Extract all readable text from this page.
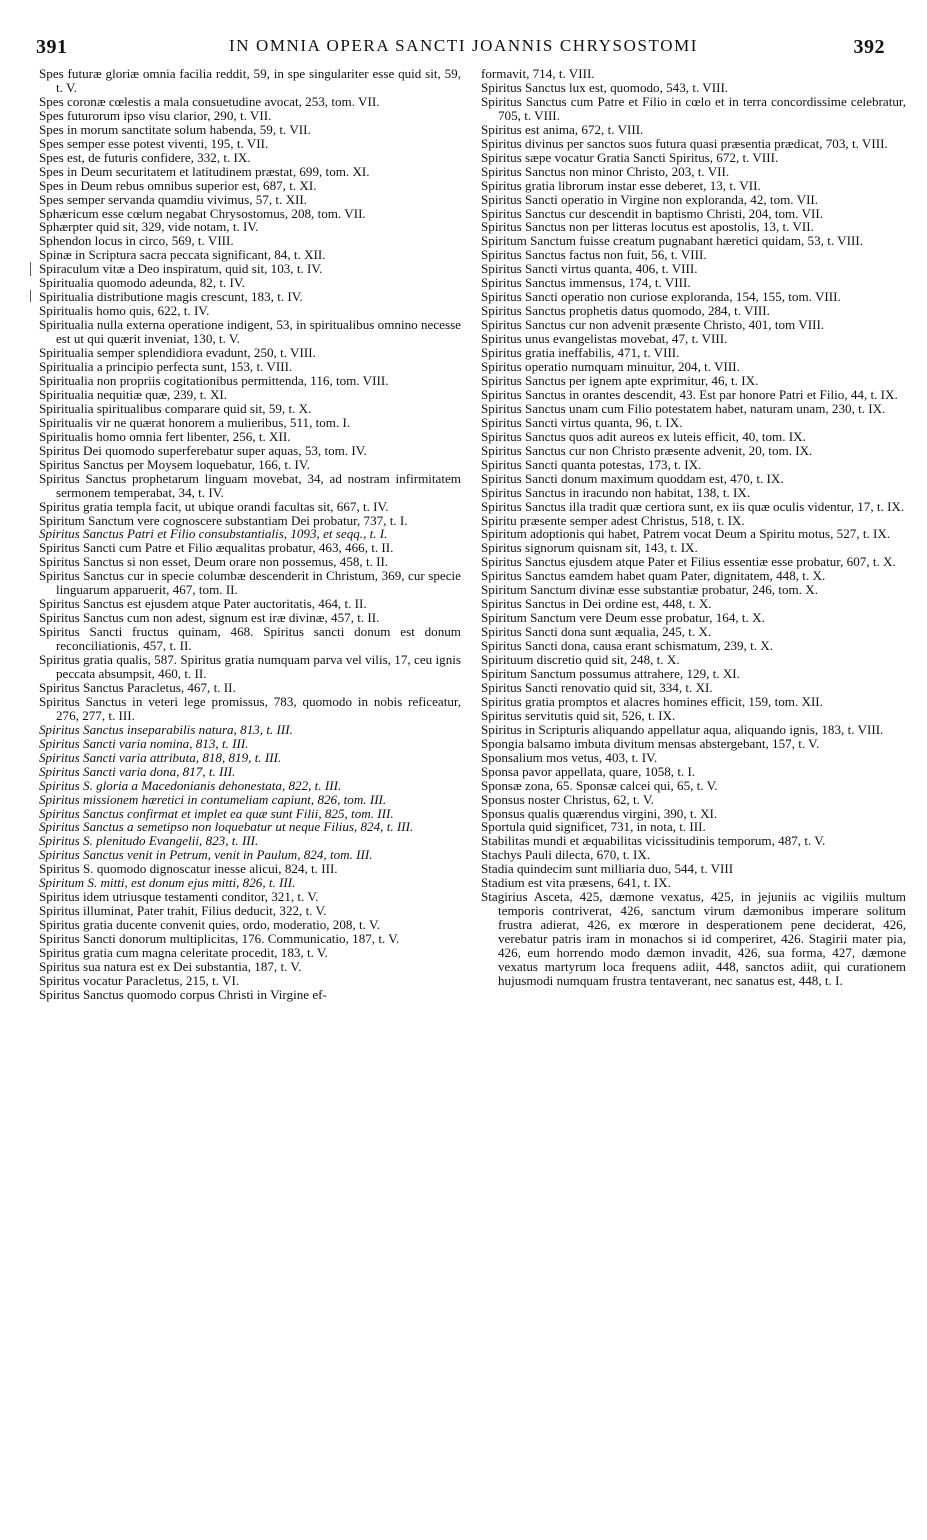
391	IN OMNIA OPERA SANCTI JOANNIS CHRYSOSTOMI	392

Spes futuræ gloriæ omnia facilia reddit, 59, in spe singulariter esse quid sit, 59, t. V.

Spes coronæ cœlestis a mala consuetudine avocat, 253, tom. VII.

Spes futurorum ipso visu clarior, 290, t. VII.

Spes in morum sanctitate solum habenda, 59, t. VII.

Spes semper esse potest viventi, 195, t. VII.

Spes est, de futuris confidere, 332, t. IX.

Spes in Deum securitatem et latitudinem præstat, 699, tom. XI.

Spes in Deum rebus omnibus superior est, 687, t. XI.

Spes semper servanda quamdiu vivimus, 57, t. XII.

Sphæricum esse cœlum negabat Chrysostomus, 208, tom. VII.

Sphærpter quid sit, 329, vide notam, t. IV.

Sphendon locus in circo, 569, t. VIII.

Spinæ in Scriptura sacra peccata significant, 84, t. XII.

Spiraculum vitæ a Deo inspiratum, quid sit, 103, t. IV.

Spiritualia quomodo adeunda, 82, t. IV.

Spiritualia distributione magis crescunt, 183, t. IV.

Spiritualis homo quis, 622, t. IV.

Spiritualia nulla externa operatione indigent, 53, in spiritualibus omnino necesse est ut qui quærit inveniat, 130, t. V.

Spiritualia semper splendidiora evadunt, 250, t. VIII.

Spiritualia a principio perfecta sunt, 153, t. VIII.

Spiritualia non propriis cogitationibus permittenda, 116, tom. VIII.

Spiritualia nequitiæ quæ, 239, t. XI.

Spiritualia spiritualibus comparare quid sit, 59, t. X.

Spiritualis vir ne quærat honorem a mulieribus, 511, tom. I.

Spiritualis homo omnia fert libenter, 256, t. XII.

Spiritus Dei quomodo superferebatur super aquas, 53, tom. IV.

Spiritus Sanctus per Moysem loquebatur, 166, t. IV.

Spiritus Sanctus prophetarum linguam movebat, 34, ad nostram infirmitatem sermonem temperabat, 34, t. IV.

Spiritus gratia templa facit, ut ubique orandi facultas sit, 667, t. IV.

Spiritum Sanctum vere cognoscere substantiam Dei probatur, 737, t. I.

Spiritus Sanctus Patri et Filio consubstantialis, 1093, et seqq., t. I.

Spiritus Sancti cum Patre et Filio æqualitas probatur, 463, 466, t. II.

Spiritus Sanctus si non esset, Deum orare non possemus, 458, t. II.

Spiritus Sanctus cur in specie columbæ descenderit in Christum, 369, cur specie linguarum apparuerit, 467, tom. II.

Spiritus Sanctus est ejusdem atque Pater auctoritatis, 464, t. II.

Spiritus Sanctus cum non adest, signum est iræ divinæ, 457, t. II.

Spiritus Sancti fructus quinam, 468. Spiritus sancti donum est donum reconciliationis, 457, t. II.

Spiritus gratia qualis, 587. Spiritus gratia numquam parva vel vilis, 17, ceu ignis peccata absumpsit, 460, t. II.

Spiritus Sanctus Paracletus, 467, t. II.

Spiritus Sanctus in veteri lege promissus, 783, quomodo in nobis reficeatur, 276, 277, t. III.

Spiritus Sanctus inseparabilis natura, 813, t. III.

Spiritus Sancti varia nomina, 813, t. III.

Spiritus Sancti varia attributa, 818, 819, t. III.

Spiritus Sancti varia dona, 817, t. III.

Spiritus S. gloria a Macedonianis dehonestata, 822, t. III.

Spiritus missionem hæretici in contumeliam capiunt, 826, tom. III.

Spiritus Sanctus confirmat et implet ea quæ sunt Filii, 825, tom. III.

Spiritus Sanctus a semetipso non loquebatur ut neque Filius, 824, t. III.

Spiritus S. plenitudo Evangelii, 823, t. III.

Spiritus Sanctus venit in Petrum, venit in Paulum, 824, tom. III.

Spiritus S. quomodo dignoscatur inesse alicui, 824, t. III.

Spiritum S. mitti, est donum ejus mitti, 826, t. III.

Spiritus idem utriusque testamenti conditor, 321, t. V.

Spiritus illuminat, Pater trahit, Filius deducit, 322, t. V.

Spiritus gratia ducente convenit quies, ordo, moderatio, 208, t. V.

Spiritus Sancti donorum multiplicitas, 176. Communicatio, 187, t. V.

Spiritus gratia cum magna celeritate procedit, 183, t. V.

Spiritus sua natura est ex Dei substantia, 187, t. V.

Spiritus vocatur Paracletus, 215, t. VI.

Spiritus Sanctus quomodo corpus Christi in Virgine ef-

formavit, 714, t. VIII.

Spiritus Sanctus lux est, quomodo, 543, t. VIII.

Spiritus Sanctus cum Patre et Filio in cœlo et in terra concordissime celebratur, 705, t. VIII.

Spiritus est anima, 672, t. VIII.

Spiritus divinus per sanctos suos futura quasi præsentia prædicat, 703, t. VIII.

Spiritus sæpe vocatur Gratia Sancti Spiritus, 672, t. VIII.

Spiritus Sanctus non minor Christo, 203, t. VII.

Spiritus gratia librorum instar esse deberet, 13, t. VII.

Spiritus Sancti operatio in Virgine non exploranda, 42, tom. VII.

Spiritus Sanctus cur descendit in baptismo Christi, 204, tom. VII.

Spiritus Sanctus non per litteras locutus est apostolis, 13, t. VII.

Spiritum Sanctum fuisse creatum pugnabant hæretici quidam, 53, t. VIII.

Spiritus Sanctus factus non fuit, 56, t. VIII.

Spiritus Sancti virtus quanta, 406, t. VIII.

Spiritus Sanctus immensus, 174, t. VIII.

Spiritus Sancti operatio non curiose exploranda, 154, 155, tom. VIII.

Spiritus Sanctus prophetis datus quomodo, 284, t. VIII.

Spiritus Sanctus cur non advenit præsente Christo, 401, tom VIII.

Spiritus unus evangelistas movebat, 47, t. VIII.

Spiritus gratia ineffabilis, 471, t. VIII.

Spiritus operatio numquam minuitur, 204, t. VIII.

Spiritus Sanctus per ignem apte exprimitur, 46, t. IX.

Spiritus Sanctus in orantes descendit, 43. Est par honore Patri et Filio, 44, t. IX.

Spiritus Sanctus unam cum Filio potestatem habet, naturam unam, 230, t. IX.

Spiritus Sancti virtus quanta, 96, t. IX.

Spiritus Sanctus quos adit aureos ex luteis efficit, 40, tom. IX.

Spiritus Sanctus cur non Christo præsente advenit, 20, tom. IX.

Spiritus Sancti quanta potestas, 173, t. IX.

Spiritus Sancti donum maximum quoddam est, 470, t. IX.

Spiritus Sanctus in iracundo non habitat, 138, t. IX.

Spiritus Sanctus illa tradit quæ certiora sunt, ex iis quæ oculis videntur, 17, t. IX.

Spiritu præsente semper adest Christus, 518, t. IX.

Spiritum adoptionis qui habet, Patrem vocat Deum a Spiritu motus, 527, t. IX.

Spiritus signorum quisnam sit, 143, t. IX.

Spiritus Sanctus ejusdem atque Pater et Filius essentiæ esse probatur, 607, t. X.

Spiritus Sanctus eamdem habet quam Pater, dignitatem, 448, t. X.

Spiritum Sanctum divinæ esse substantiæ probatur, 246, tom. X.

Spiritus Sanctus in Dei ordine est, 448, t. X.

Spiritum Sanctum vere Deum esse probatur, 164, t. X.

Spiritus Sancti dona sunt æqualia, 245, t. X.

Spiritus Sancti dona, causa erant schismatum, 239, t. X.

Spirituum discretio quid sit, 248, t. X.

Spiritum Sanctum possumus attrahere, 129, t. XI.

Spiritus Sancti renovatio quid sit, 334, t. XI.

Spiritus gratia promptos et alacres homines efficit, 159, tom. XII.

Spiritus servitutis quid sit, 526, t. IX.

Spiritus in Scripturis aliquando appellatur aqua, aliquando ignis, 183, t. VIII.

Spongia balsamo imbuta divitum mensas abstergebant, 157, t. V.

Sponsalium mos vetus, 403, t. IV.

Sponsa pavor appellata, quare, 1058, t. I.

Sponsæ zona, 65. Sponsæ calcei qui, 65, t. V.

Sponsus noster Christus, 62, t. V.

Sponsus qualis quærendus virgini, 390, t. XI.

Sportula quid significet, 731, in nota, t. III.

Stabilitas mundi et æquabilitas vicissitudinis temporum, 487, t. V.

Stachys Pauli dilecta, 670, t. IX.

Stadia quindecim sunt milliaria duo, 544, t. VIII

Stadium est vita præsens, 641, t. IX.

Stagirius Asceta, 425, dæmone vexatus, 425, in jejuniis ac vigiliis multum temporis contriverat, 426, sanctum virum dæmonibus imperare solitum frustra adierat, 426, ex mœrore in desperationem pene deciderat, 426, verebatur patris iram in monachos si id comperiret, 426. Stagirii mater pia, 426, eum horrendo modo dæmon invadit, 426, sua forma, 427, dæmone vexatus martyrum loca frequens adiit, 448, sanctos adiit, qui curationem hujusmodi numquam frustra tentaverant, nec sanatus est, 448, t. I.
